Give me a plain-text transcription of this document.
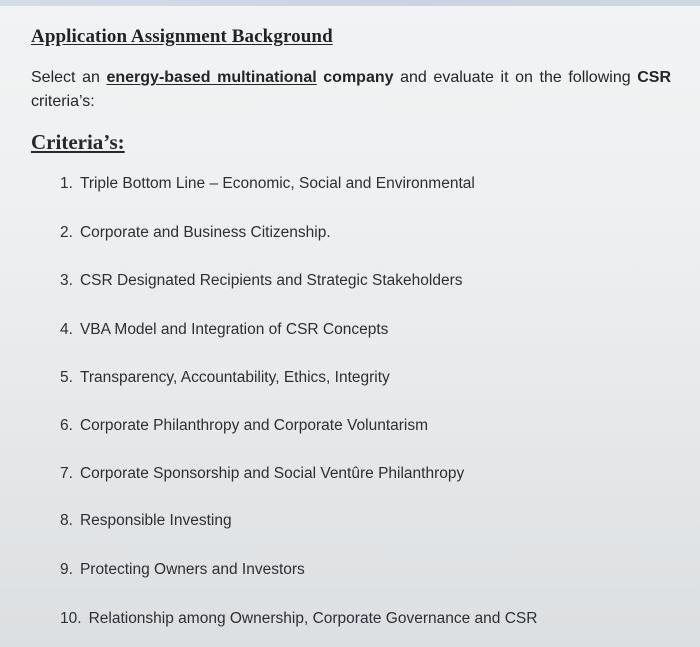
Application Assignment Background

Select an energy-based multinational company and evaluate it on the following CSR criteria’s:

Criteria’s:
1. Triple Bottom Line – Economic, Social and Environmental
2. Corporate and Business Citizenship.
3. CSR Designated Recipients and Strategic Stakeholders
4. VBA Model and Integration of CSR Concepts
5. Transparency, Accountability, Ethics, Integrity
6. Corporate Philanthropy and Corporate Voluntarism
7. Corporate Sponsorship and Social Ventûre Philanthropy
8. Responsible Investing
9. Protecting Owners and Investors
10. Relationship among Ownership, Corporate Governance and CSR
